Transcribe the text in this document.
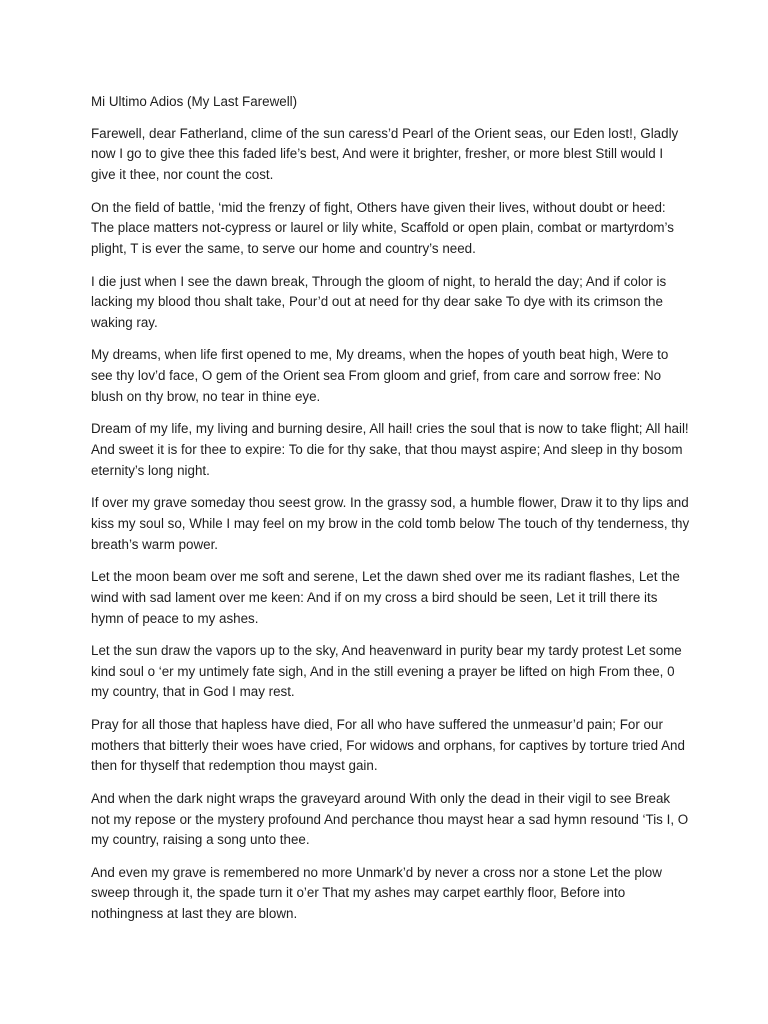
Mi Ultimo Adios (My Last Farewell)

Farewell, dear Fatherland, clime of the sun caress’d Pearl of the Orient seas, our Eden lost!, Gladly now I go to give thee this faded life’s best, And were it brighter, fresher, or more blest Still would I give it thee, nor count the cost.

On the field of battle, ‘mid the frenzy of fight, Others have given their lives, without doubt or heed: The place matters not-cypress or laurel or lily white, Scaffold or open plain, combat or martyrdom’s plight, T is ever the same, to serve our home and country’s need.

I die just when I see the dawn break, Through the gloom of night, to herald the day; And if color is lacking my blood thou shalt take, Pour’d out at need for thy dear sake To dye with its crimson the waking ray.

My dreams, when life first opened to me, My dreams, when the hopes of youth beat high, Were to see thy lov’d face, O gem of the Orient sea From gloom and grief, from care and sorrow free: No blush on thy brow, no tear in thine eye.

Dream of my life, my living and burning desire, All hail! cries the soul that is now to take flight; All hail! And sweet it is for thee to expire: To die for thy sake, that thou mayst aspire; And sleep in thy bosom eternity’s long night.

If over my grave someday thou seest grow. In the grassy sod, a humble flower, Draw it to thy lips and kiss my soul so, While I may feel on my brow in the cold tomb below The touch of thy tenderness, thy breath’s warm power.

Let the moon beam over me soft and serene, Let the dawn shed over me its radiant flashes, Let the wind with sad lament over me keen: And if on my cross a bird should be seen, Let it trill there its hymn of peace to my ashes.

Let the sun draw the vapors up to the sky, And heavenward in purity bear my tardy protest Let some kind soul o ‘er my untimely fate sigh, And in the still evening a prayer be lifted on high From thee, 0 my country, that in God I may rest.

Pray for all those that hapless have died, For all who have suffered the unmeasur’d pain; For our mothers that bitterly their woes have cried, For widows and orphans, for captives by torture tried And then for thyself that redemption thou mayst gain.

And when the dark night wraps the graveyard around With only the dead in their vigil to see Break not my repose or the mystery profound And perchance thou mayst hear a sad hymn resound ‘Tis I, O my country, raising a song unto thee.

And even my grave is remembered no more Unmark’d by never a cross nor a stone Let the plow sweep through it, the spade turn it o’er That my ashes may carpet earthly floor, Before into nothingness at last they are blown.
